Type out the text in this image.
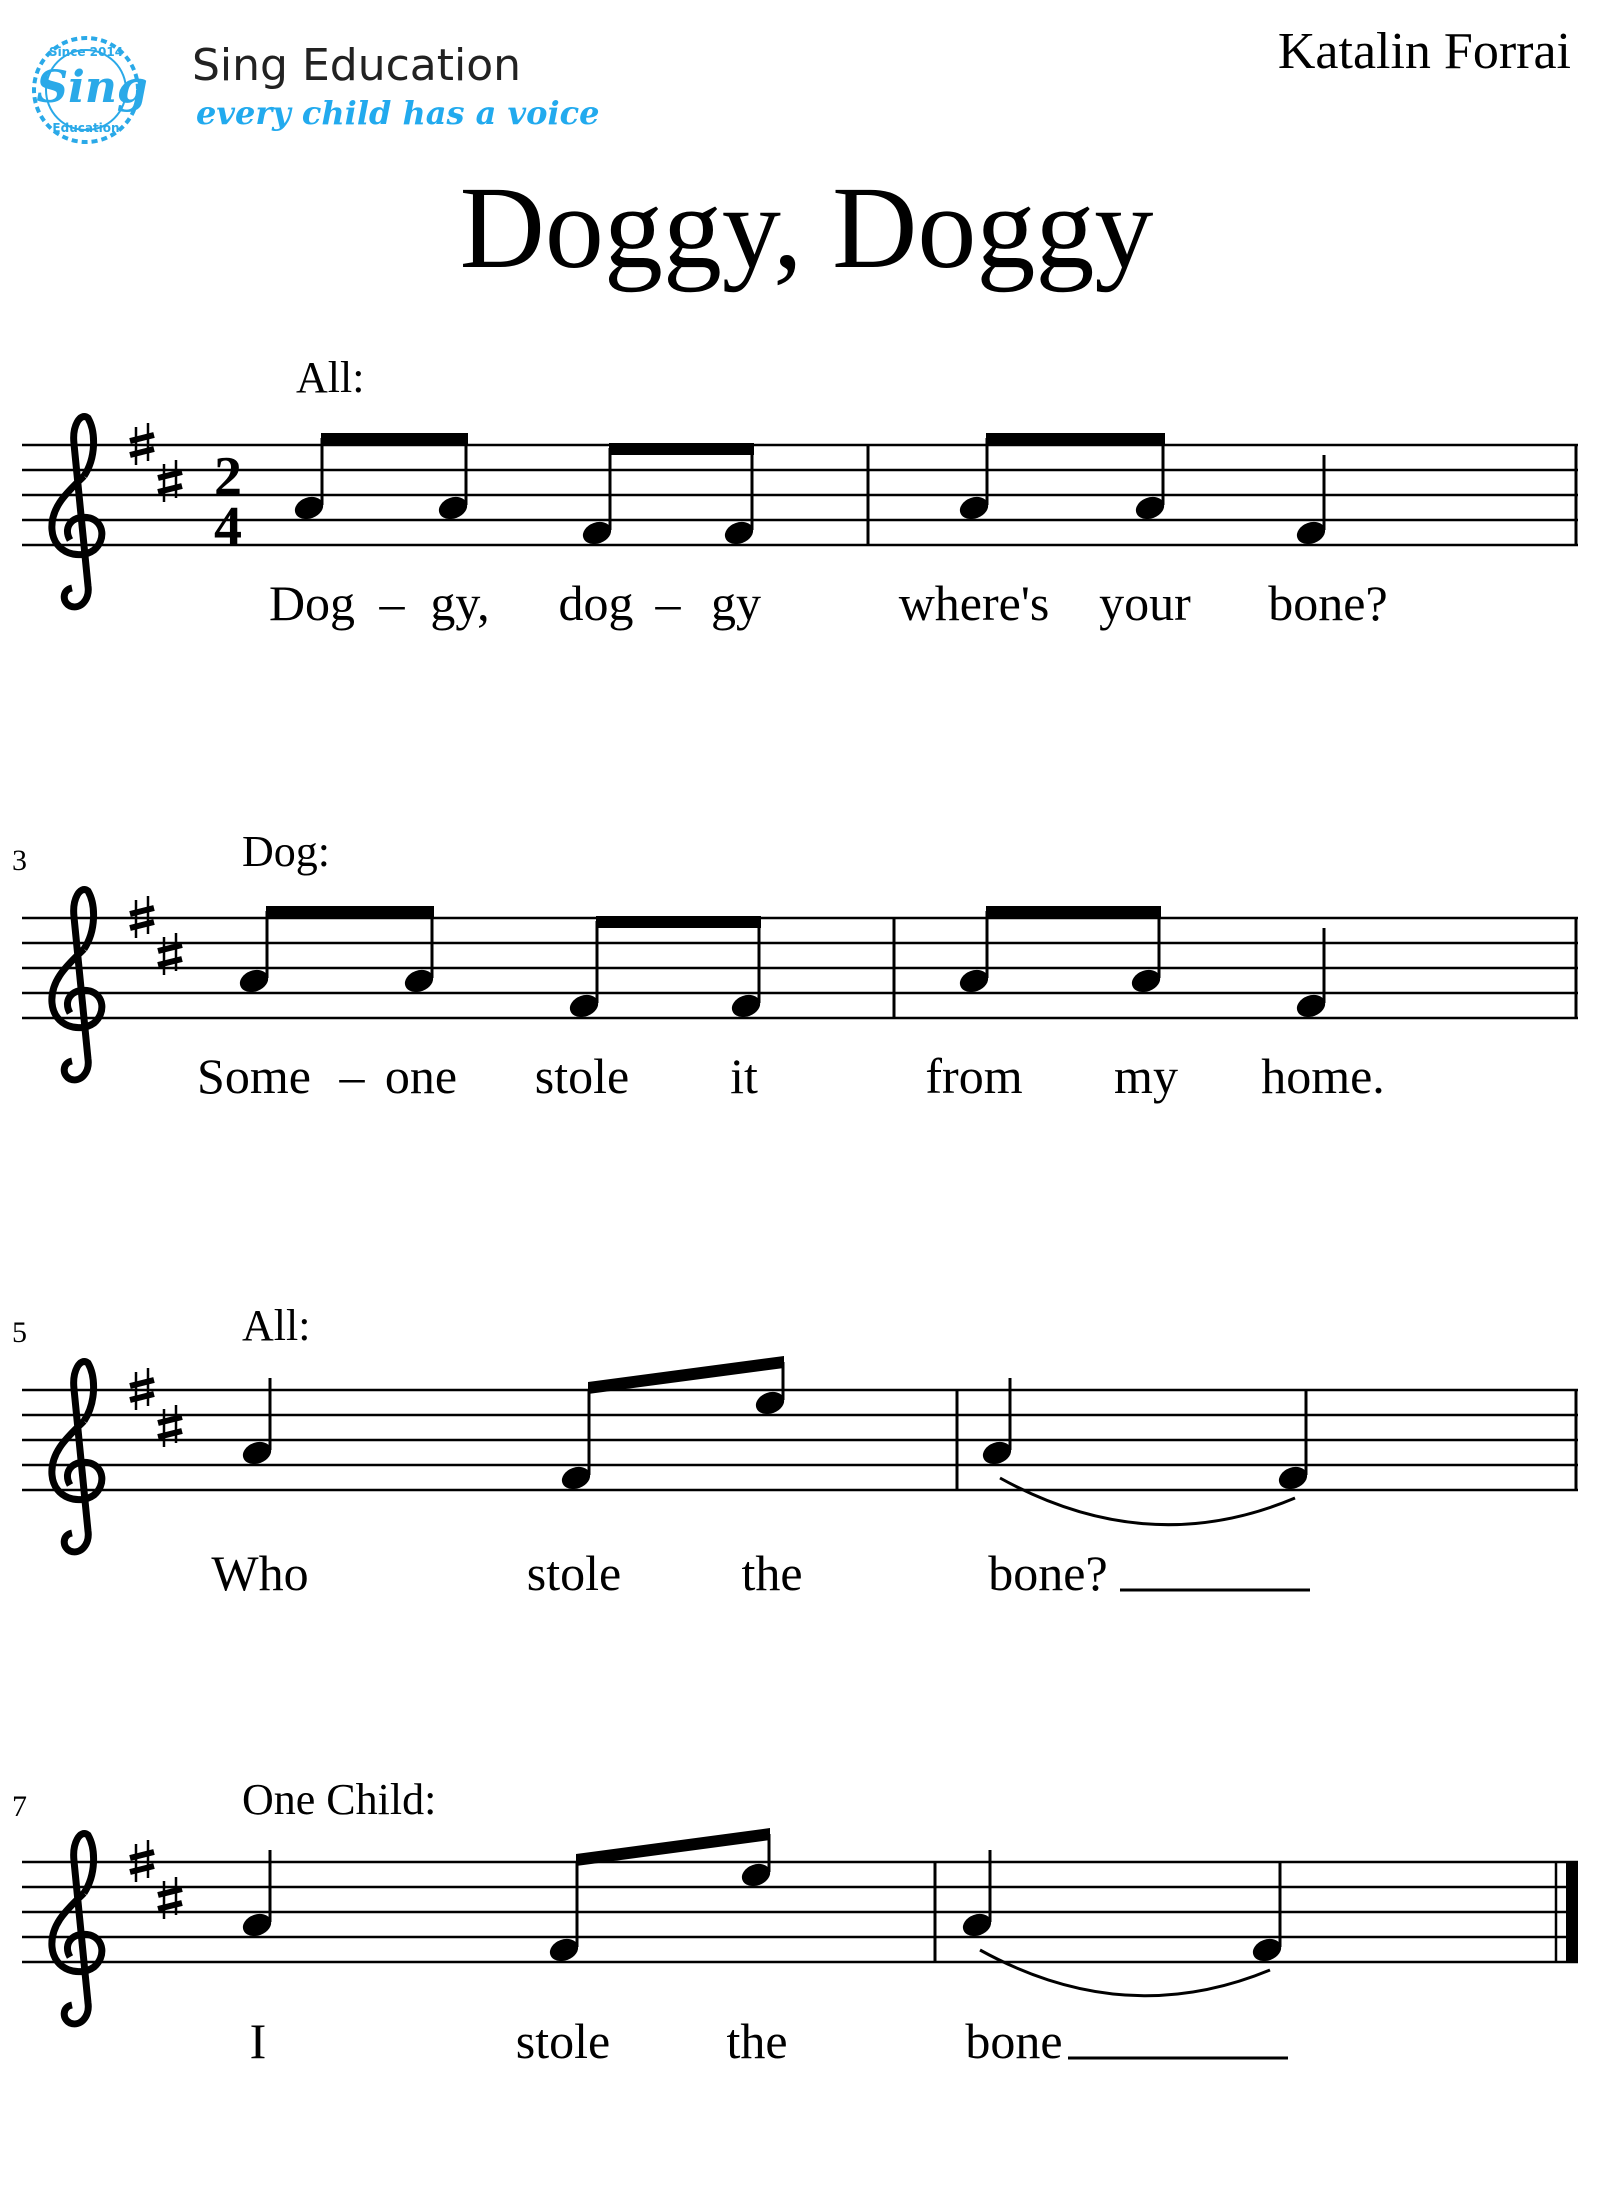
Since 2014
Education
Sing Sing Education
every child has a voice
Katalin Forrai
Doggy, Doggy
All:
2
4
Dog – gy, dog – gy	where's your bone?
3	Dog:
Some – one stole it	from my home.
5	All:
Who	stole the	bone?
7	One Child:
I	stole the	bone
